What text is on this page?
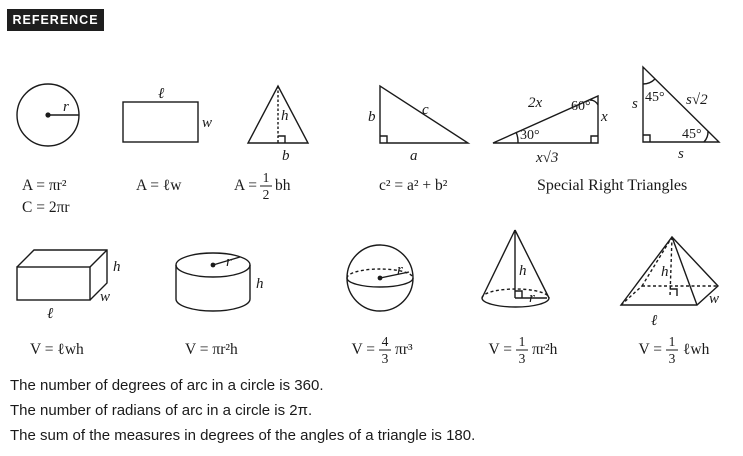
REFERENCE
r
ℓ
w	h
b
b	c
a
2x 60°
x
30°
x√3
s 45° s√2
45°
s
h
w
ℓ
r
h
r	h
r
h
w
ℓ
A = πr²
C = 2πr
A = ℓw	A = 1
2
bh	c² = a² + b²	Special Right Triangles
V = ℓwh	V = πr²h	V = 4
3
πr³	V = 1
3
πr²h	V = 1
3
ℓwh
The number of degrees of arc in a circle is 360.
The number of radians of arc in a circle is 2π.
The sum of the measures in degrees of the angles of a triangle is 180.
